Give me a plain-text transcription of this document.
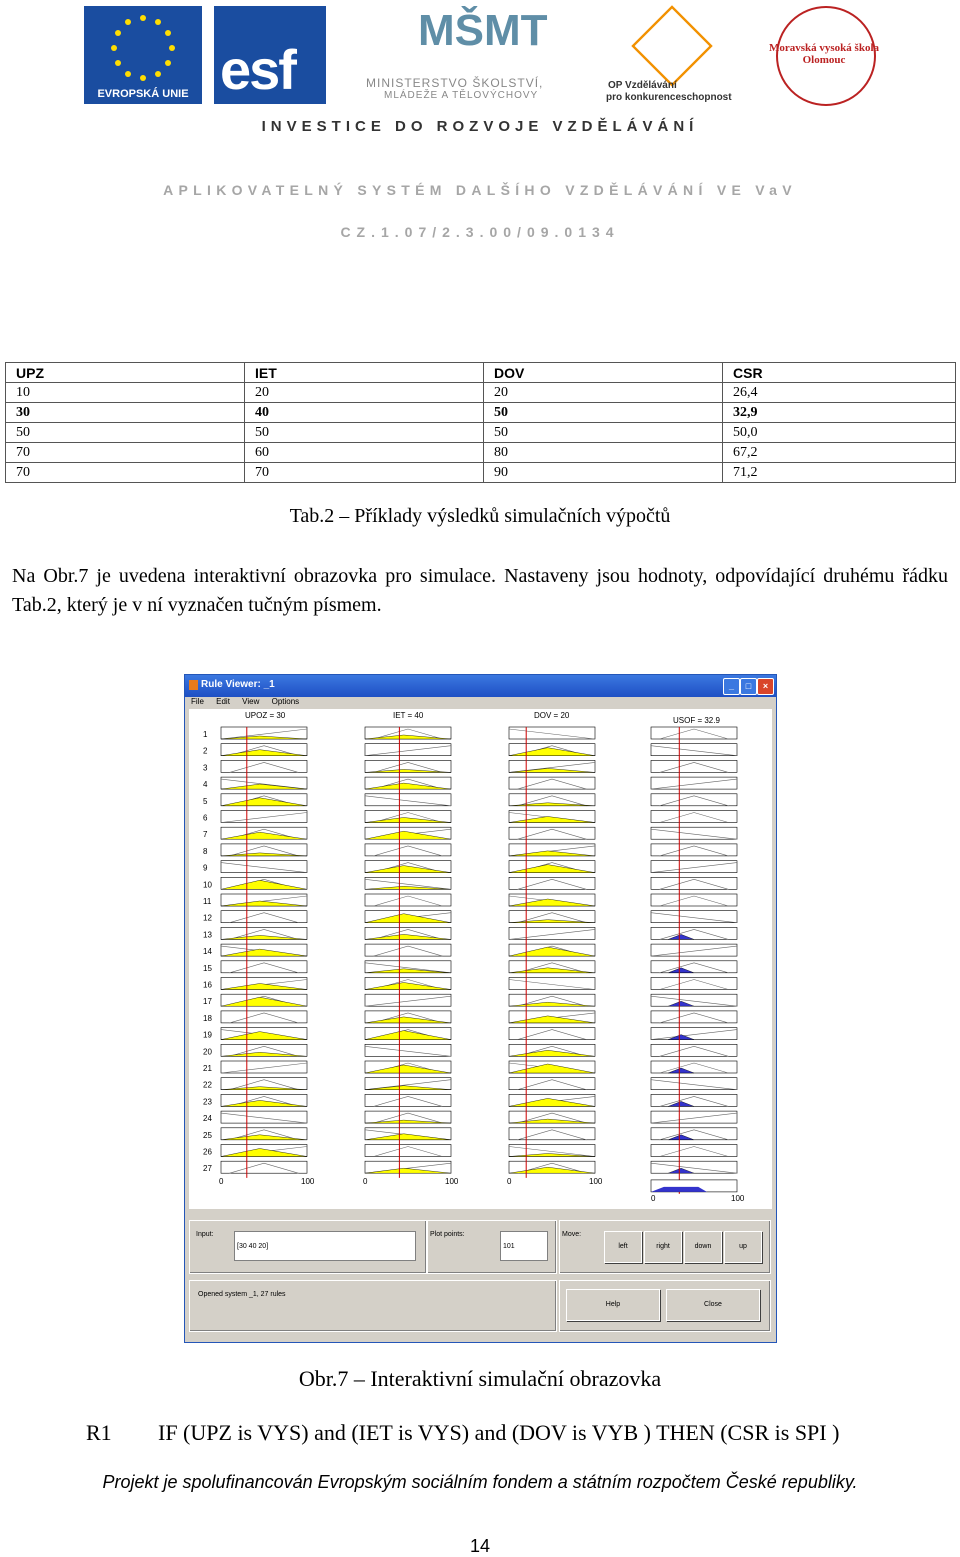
EVROPSKÁ UNIE esf
MŠMT
MINISTERSTVO ŠKOLSTVÍ,
MLÁDEŽE A TĚLOVÝCHOVY
OP Vzdělávání
pro konkurenceschopnost
Moravská vysoká škola Olomouc
INVESTICE DO ROZVOJE VZDĚLÁVÁNÍ
APLIKOVATELNÝ SYSTÉM DALŠÍHO VZDĚLÁVÁNÍ VE VaV
CZ.1.07/2.3.00/09.0134
UPZ	IET	DOV	CSR
10	20	20	26,4
30	40	50	32,9
50	50	50	50,0
70	60	80	67,2
70	70	90	71,2
Tab.2 – Příklady výsledků simulačních výpočtů
Na Obr.7 je uvedena interaktivní obrazovka pro simulace. Nastaveny jsou hodnoty, odpovídající druhému řádku Tab.2, který je v ní vyznačen tučným písmem.
Rule Viewer: _1	_	□	×
File Edit View Options
UPOZ = 30	IET = 40	DOV = 20
USOF = 32.9
0	100	0	100	0	100
0	100
1
2
3
4
5
6
7
8
9
10
11
12
13
14
15
16
17
18
19
20
21
22
23
24
25
26
27
Input:
[30 40 20]
Plot points:
101
Move:
left	right	down	up
Opened system _1, 27 rules
Help	Close
Obr.7 – Interaktivní simulační obrazovka
R1 IF (UPZ is VYS) and (IET is VYS) and (DOV is VYB ) THEN (CSR is SPI )
Projekt je spolufinancován Evropským sociálním fondem a státním rozpočtem České republiky.
14
